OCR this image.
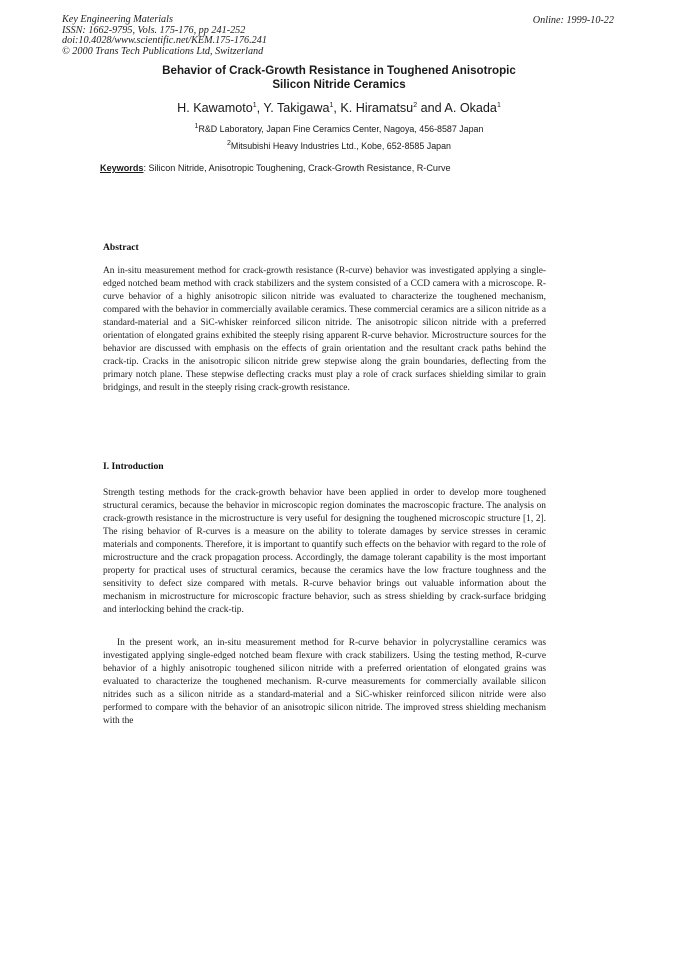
Key Engineering Materials
ISSN: 1662-9795, Vols. 175-176, pp 241-252
doi:10.4028/www.scientific.net/KEM.175-176.241
© 2000 Trans Tech Publications Ltd, Switzerland
Online: 1999-10-22
Behavior of Crack-Growth Resistance in Toughened Anisotropic
Silicon Nitride Ceramics
H. Kawamoto$^1$, Y. Takigawa$^1$, K. Hiramatsu$^2$ and A. Okada$^1$
$^1$R&D Laboratory, Japan Fine Ceramics Center, Nagoya, 456-8587 Japan
$^2$Mitsubishi Heavy Industries Ltd., Kobe, 652-8585 Japan
Keywords: Silicon Nitride, Anisotropic Toughening, Crack-Growth Resistance, R-Curve
Abstract
An in-situ measurement method for crack-growth resistance (R-curve) behavior was investigated applying a single-edged notched beam method with crack stabilizers and the system consisted of a CCD camera with a microscope. R-curve behavior of a highly anisotropic silicon nitride was evaluated to characterize the toughened mechanism, compared with the behavior in commercially available ceramics. These commercial ceramics are a silicon nitride as a standard-material and a SiC-whisker reinforced silicon nitride. The anisotropic silicon nitride with a preferred orientation of elongated grains exhibited the steeply rising apparent R-curve behavior. Microstructure sources for the behavior are discussed with emphasis on the effects of grain orientation and the resultant crack paths behind the crack-tip. Cracks in the anisotropic silicon nitride grew stepwise along the grain boundaries, deflecting from the primary notch plane. These stepwise deflecting cracks must play a role of crack surfaces shielding similar to grain bridgings, and result in the steeply rising crack-growth resistance.
I. Introduction
Strength testing methods for the crack-growth behavior have been applied in order to develop more toughened structural ceramics, because the behavior in microscopic region dominates the macroscopic fracture. The analysis on crack-growth resistance in the microstructure is very useful for designing the toughened microscopic structure [1, 2]. The rising behavior of R-curves is a measure on the ability to tolerate damages by service stresses in ceramic materials and components. Therefore, it is important to quantify such effects on the behavior with regard to the role of microstructure and the crack propagation process. Accordingly, the damage tolerant capability is the most important property for practical uses of structural ceramics, because the ceramics have the low fracture toughness and the sensitivity to defect size compared with metals. R-curve behavior brings out valuable information about the mechanism in microstructure for microscopic fracture behavior, such as stress shielding by crack-surface bridging and interlocking behind the crack-tip.
In the present work, an in-situ measurement method for R-curve behavior in polycrystalline ceramics was investigated applying single-edged notched beam flexure with crack stabilizers. Using the testing method, R-curve behavior of a highly anisotropic toughened silicon nitride with a preferred orientation of elongated grains was evaluated to characterize the toughened mechanism. R-curve measurements for commercially available silicon nitrides such as a silicon nitride as a standard-material and a SiC-whisker reinforced silicon nitride were also performed to compare with the behavior of an anisotropic silicon nitride. The improved stress shielding mechanism with the
